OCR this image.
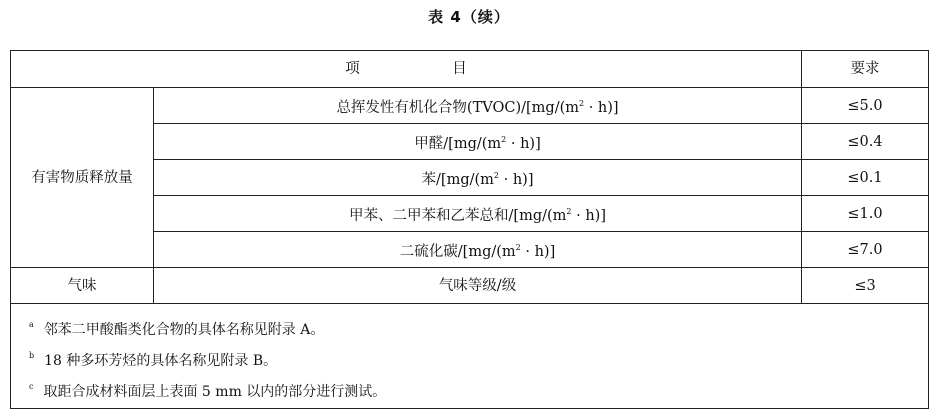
表 4（续）
项 目		要求
有害物质释放量	总挥发性有机化合物$(TVOC)/[mg/(m^2 \cdot h)]$	≤5.0
	甲醛$/[mg/(m^2 \cdot h)]$	≤0.4
	苯$/[mg/(m^2 \cdot h)]$	≤0.1
	甲苯、二甲苯和乙苯总和$/[mg/(m^2 \cdot h)]$	≤1.0
	二硫化碳$/[mg/(m^2 \cdot h)]$	≤7.0
气味	气味等级/级	≤3

$^a$ 邻苯二甲酸酯类化合物的具体名称见附录 A。
$^b$ 18 种多环芳烃的具体名称见附录 B。
$^c$ 取距合成材料面层上表面 5 mm 以内的部分进行测试。		
